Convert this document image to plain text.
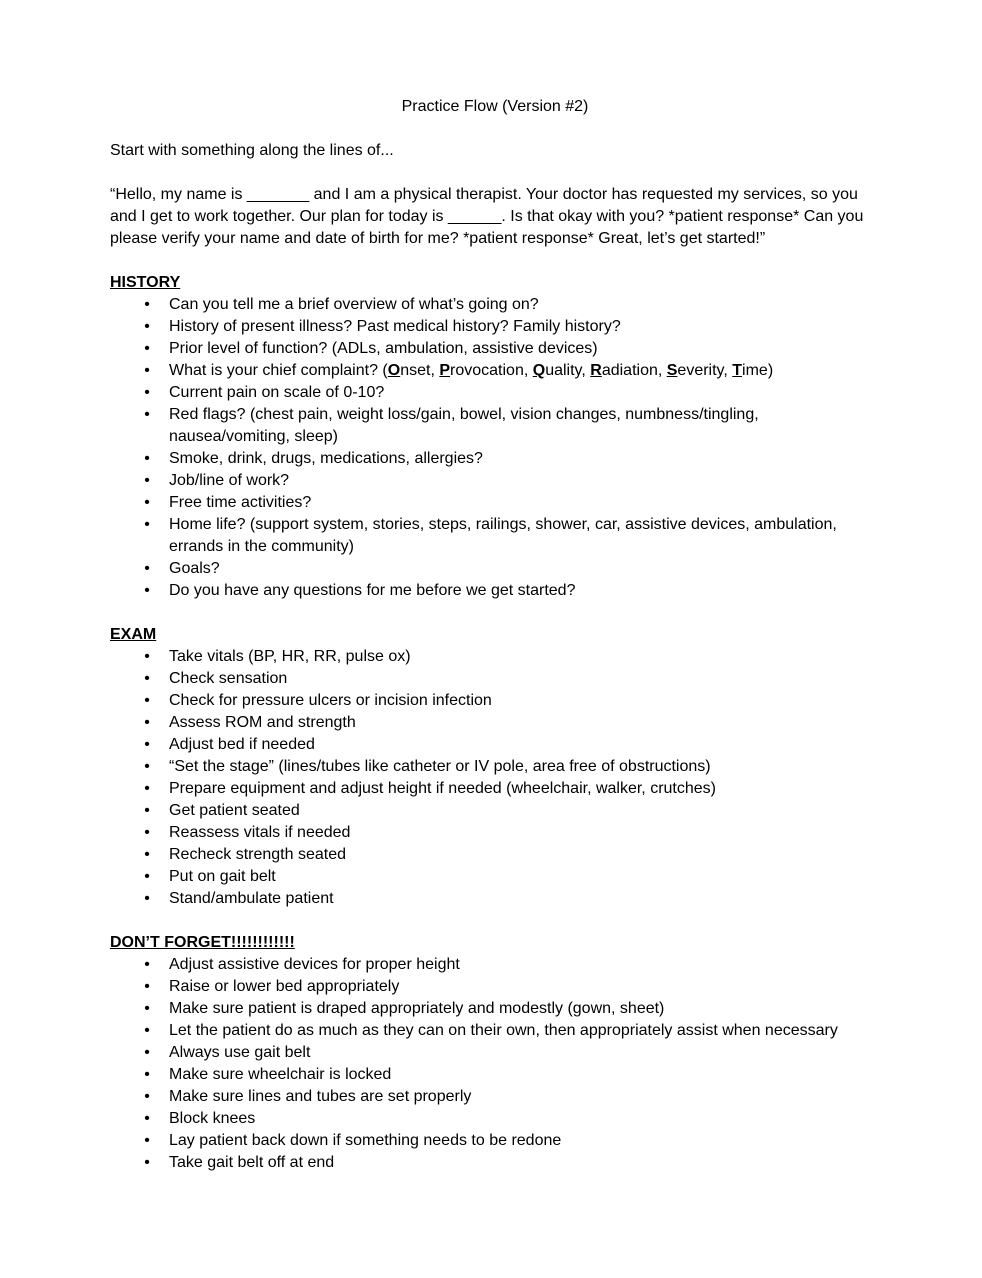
Practice Flow (Version #2)
Start with something along the lines of...
“Hello, my name is _______ and I am a physical therapist. Your doctor has requested my services, so you and I get to work together. Our plan for today is ______. Is that okay with you? *patient response* Can you please verify your name and date of birth for me? *patient response* Great, let’s get started!”
HISTORY
• Can you tell me a brief overview of what’s going on?
• History of present illness? Past medical history? Family history?
• Prior level of function? (ADLs, ambulation, assistive devices)
• What is your chief complaint? (Onset, Provocation, Quality, Radiation, Severity, Time)
• Current pain on scale of 0-10?
• Red flags? (chest pain, weight loss/gain, bowel, vision changes, numbness/tingling, nausea/vomiting, sleep)
• Smoke, drink, drugs, medications, allergies?
• Job/line of work?
• Free time activities?
• Home life? (support system, stories, steps, railings, shower, car, assistive devices, ambulation, errands in the community)
• Goals?
• Do you have any questions for me before we get started?
EXAM
• Take vitals (BP, HR, RR, pulse ox)
• Check sensation
• Check for pressure ulcers or incision infection
• Assess ROM and strength
• Adjust bed if needed
• “Set the stage” (lines/tubes like catheter or IV pole, area free of obstructions)
• Prepare equipment and adjust height if needed (wheelchair, walker, crutches)
• Get patient seated
• Reassess vitals if needed
• Recheck strength seated
• Put on gait belt
• Stand/ambulate patient
DON’T FORGET!!!!!!!!!!!!
• Adjust assistive devices for proper height
• Raise or lower bed appropriately
• Make sure patient is draped appropriately and modestly (gown, sheet)
• Let the patient do as much as they can on their own, then appropriately assist when necessary
• Always use gait belt
• Make sure wheelchair is locked
• Make sure lines and tubes are set properly
• Block knees
• Lay patient back down if something needs to be redone
• Take gait belt off at end
